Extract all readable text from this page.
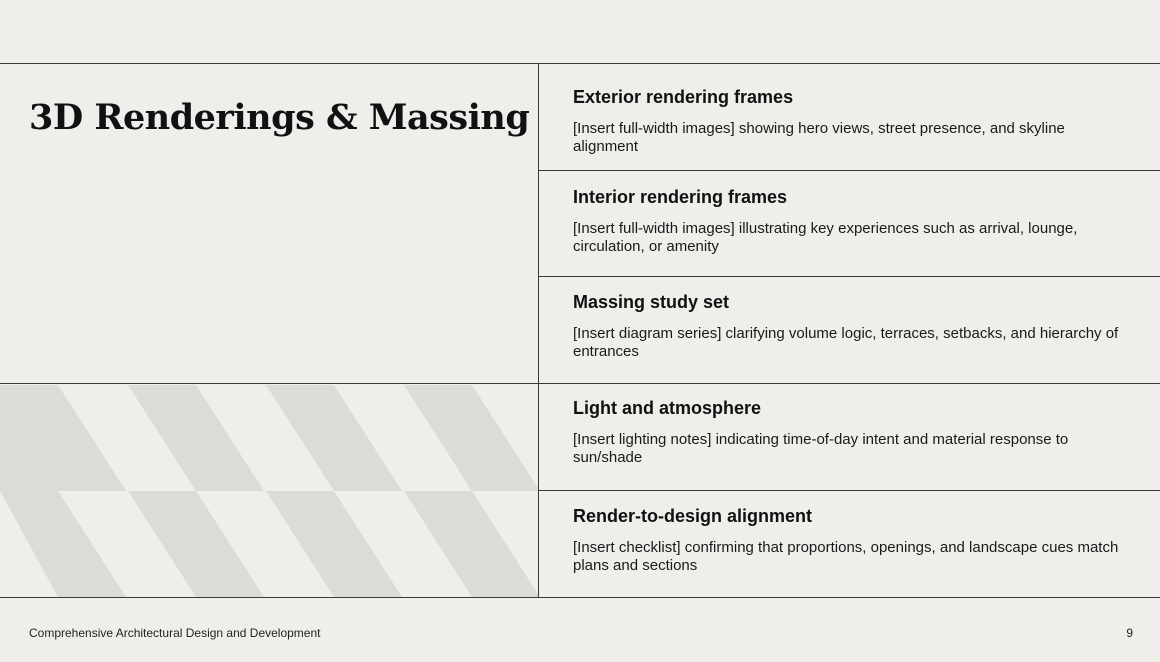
3D Renderings & Massing Exterior rendering frames

[Insert full-width images] showing hero views, street presence, and skyline alignment

Interior rendering frames

[Insert full-width images] illustrating key experiences such as arrival, lounge, circulation, or amenity

Massing study set

[Insert diagram series] clarifying volume logic, terraces, setbacks, and hierarchy of entrances

Light and atmosphere

[Insert lighting notes] indicating time-of-day intent and material response to sun/shade

Render-to-design alignment

[Insert checklist] confirming that proportions, openings, and landscape cues match plans and sections

Comprehensive Architectural Design and Development	9
